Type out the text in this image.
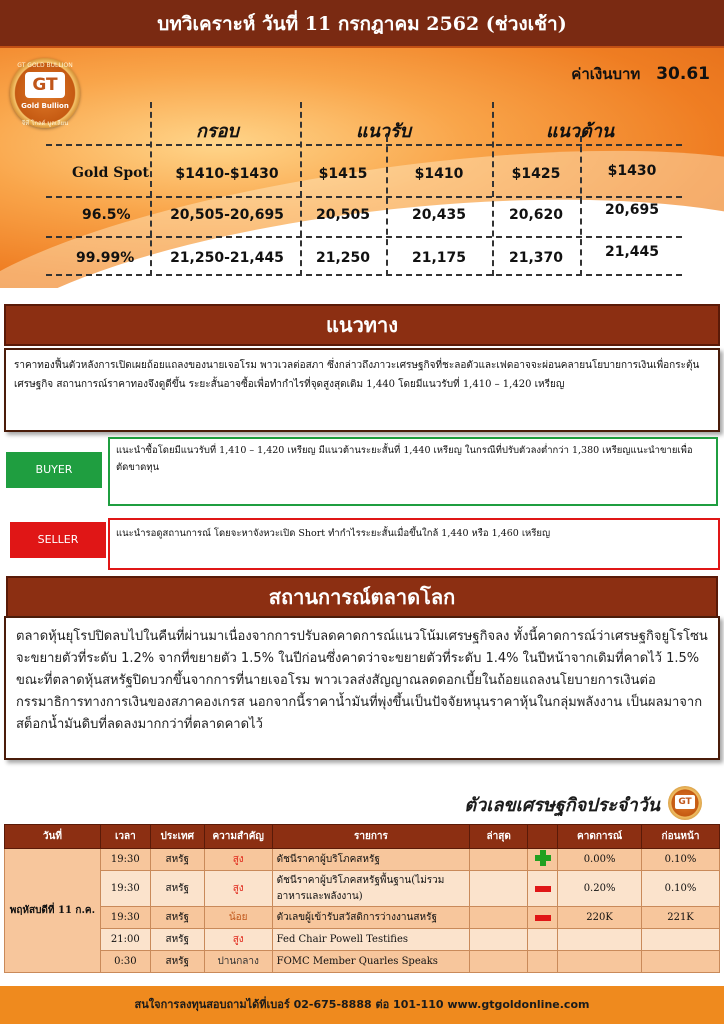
บทวิเคราะห์ วันที่ 11 กรกฎาคม 2562 (ช่วงเช้า)
GT GOLD BULLION
GT
Gold Bullion
จีที โกลด์ บูลเลียน
ค่าเงินบาท 30.61
กรอบ	แนวรับ	แนวต้าน
Gold Spot	$1410-$1430	$1415	$1410	$1425	$1430
96.5%	20,505-20,695	20,505	20,435	20,620	20,695
99.99%	21,250-21,445	21,250	21,175	21,370	21,445
แนวทาง
ราคาทองฟื้นตัวหลังการเปิดเผยถ้อยแถลงของนายเจอโรม พาวเวลต่อสภา ซึ่งกล่าวถึงภาวะเศรษฐกิจที่ชะลอตัวและเฟดอาจจะผ่อนคลายนโยบายการเงินเพื่อกระตุ้นเศรษฐกิจ สถานการณ์ราคาทองจึงดูดีขึ้น ระยะสั้นอาจซื้อเพื่อทำกำไรที่จุดสูงสุดเดิม 1,440 โดยมีแนวรับที่ 1,410 – 1,420 เหรียญ
BUYER
แนะนำซื้อโดยมีแนวรับที่ 1,410 – 1,420 เหรียญ มีแนวต้านระยะสั้นที่ 1,440 เหรียญ ในกรณีที่ปรับตัวลงต่ำกว่า 1,380 เหรียญแนะนำขายเพื่อตัดขาดทุน
SELLER	แนะนำรอดูสถานการณ์ โดยจะหาจังหวะเปิด Short ทำกำไรระยะสั้นเมื่อขึ้นใกล้ 1,440 หรือ 1,460 เหรียญ
สถานการณ์ตลาดโลก
ตลาดหุ้นยุโรปปิดลบไปในคืนที่ผ่านมาเนื่องจากการปรับลดคาดการณ์แนวโน้มเศรษฐกิจลง ทั้งนี้คาดการณ์ว่าเศรษฐกิจยูโรโซนจะขยายตัวที่ระดับ 1.2% จากที่ขยายตัว 1.5% ในปีก่อนซึ่งคาดว่าจะขยายตัวที่ระดับ 1.4% ในปีหน้าจากเดิมที่คาดไว้ 1.5% ขณะที่ตลาดหุ้นสหรัฐปิดบวกขึ้นจากการที่นายเจอโรม พาวเวลส่งสัญญาณลดดอกเบี้ยในถ้อยแถลงนโยบายการเงินต่อกรรมาธิการทางการเงินของสภาคองเกรส นอกจากนี้ราคาน้ำมันที่พุ่งขึ้นเป็นปัจจัยหนุนราคาหุ้นในกลุ่มพลังงาน เป็นผลมาจากสต็อกน้ำมันดิบที่ลดลงมากกว่าที่ตลาดคาดไว้
ตัวเลขเศรษฐกิจประจำวัน	GT
วันที่	เวลา	ประเทศ	ความสำคัญ	รายการ	ล่าสุด		คาดการณ์	ก่อนหน้า
พฤหัสบดีที่ 11 ก.ค.	19:30	สหรัฐ	สูง	ดัชนีราคาผู้บริโภคสหรัฐ			0.00%	0.10%
	19:30	สหรัฐ	สูง	ดัชนีราคาผู้บริโภคสหรัฐพื้นฐาน(ไม่รวมอาหารและพลังงาน)			0.20%	0.10%
	19:30	สหรัฐ	น้อย	ตัวเลขผู้เข้ารับสวัสดิการว่างงานสหรัฐ			220K	221K
	21:00	สหรัฐ	สูง	Fed Chair Powell Testifies				
	0:30	สหรัฐ	ปานกลาง	FOMC Member Quarles Speaks				
สนใจการลงทุนสอบถามได้ที่เบอร์ 02-675-8888 ต่อ 101-110 www.gtgoldonline.com
